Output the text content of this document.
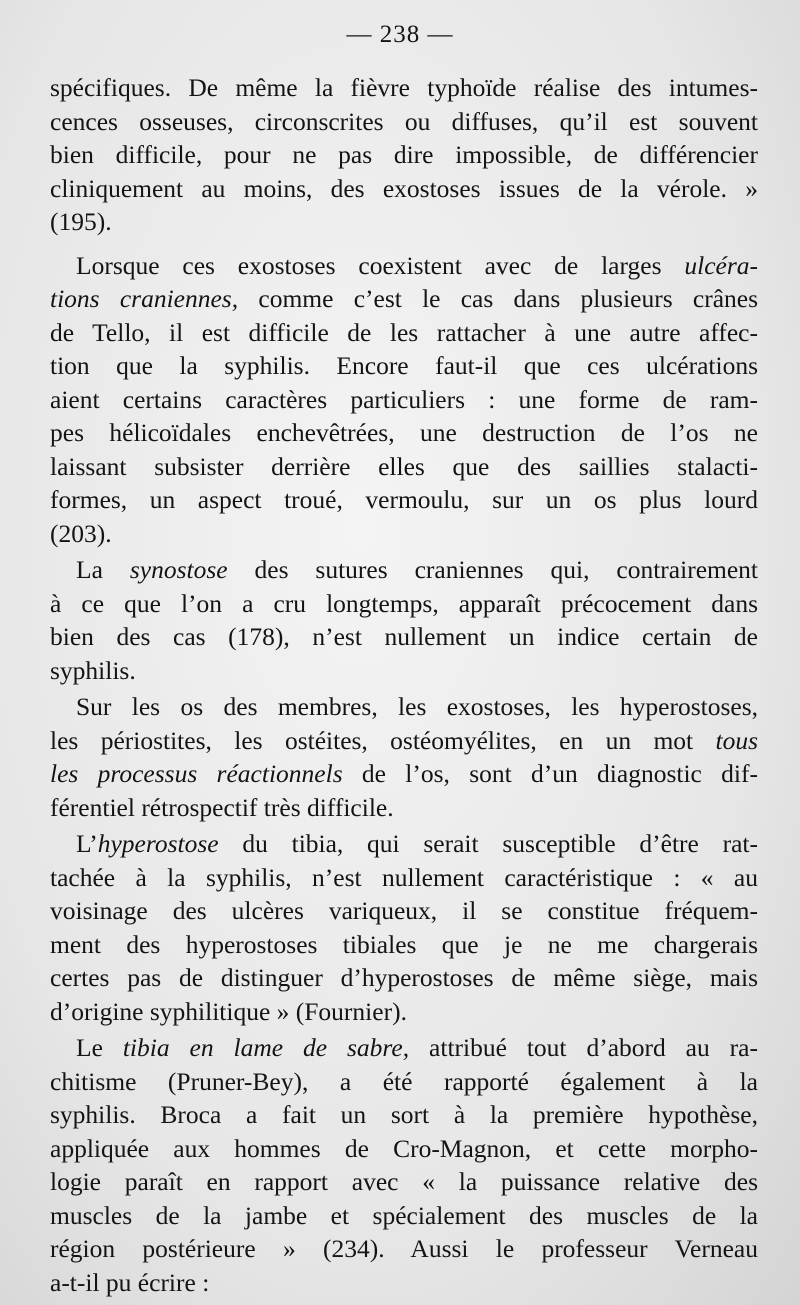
— 238 —

spécifiques. De même la fièvre typhoïde réalise des intumes-

cences osseuses, circonscrites ou diffuses, qu’il est souvent

bien difficile, pour ne pas dire impossible, de différencier

cliniquement au moins, des exostoses issues de la vérole. »

(195).

Lorsque ces exostoses coexistent avec de larges ulcéra-

tions craniennes, comme c’est le cas dans plusieurs crânes

de Tello, il est difficile de les rattacher à une autre affec-

tion que la syphilis. Encore faut-il que ces ulcérations

aient certains caractères particuliers : une forme de ram-

pes hélicoïdales enchevêtrées, une destruction de l’os ne

laissant subsister derrière elles que des saillies stalacti-

formes, un aspect troué, vermoulu, sur un os plus lourd

(203).

La synostose des sutures craniennes qui, contrairement

à ce que l’on a cru longtemps, apparaît précocement dans

bien des cas (178), n’est nullement un indice certain de

syphilis.

Sur les os des membres, les exostoses, les hyperostoses,

les périostites, les ostéites, ostéomyélites, en un mot tous

les processus réactionnels de l’os, sont d’un diagnostic dif-

férentiel rétrospectif très difficile.

L’hyperostose du tibia, qui serait susceptible d’être rat-

tachée à la syphilis, n’est nullement caractéristique : « au

voisinage des ulcères variqueux, il se constitue fréquem-

ment des hyperostoses tibiales que je ne me chargerais

certes pas de distinguer d’hyperostoses de même siège, mais

d’origine syphilitique » (Fournier).

Le tibia en lame de sabre, attribué tout d’abord au ra-

chitisme (Pruner-Bey), a été rapporté également à la

syphilis. Broca a fait un sort à la première hypothèse,

appliquée aux hommes de Cro-Magnon, et cette morpho-

logie paraît en rapport avec « la puissance relative des

muscles de la jambe et spécialement des muscles de la

région postérieure » (234). Aussi le professeur Verneau

a-t-il pu écrire :
